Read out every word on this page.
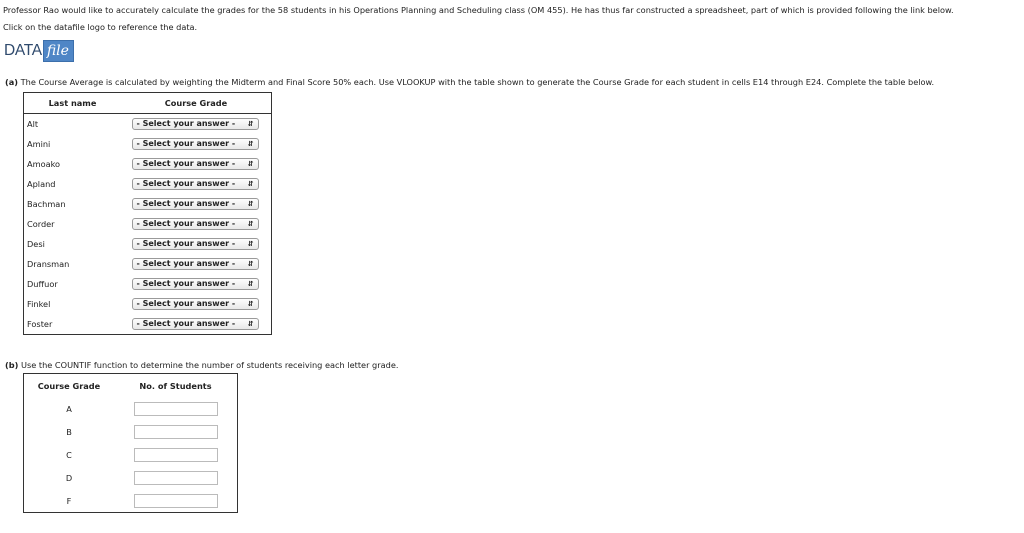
Professor Rao would like to accurately calculate the grades for the 58 students in his Operations Planning and Scheduling class (OM 455). He has thus far constructed a spreadsheet, part of which is provided following the link below.

Click on the datafile logo to reference the data.

DATA file
(a) The Course Average is calculated by weighting the Midterm and Final Score 50% each. Use VLOOKUP with the table shown to generate the Course Grade for each student in cells E14 through E24. Complete the table below.
Last name	Course Grade
Alt	- Select your answer - ⇵

Amini	- Select your answer - ⇵

Amoako	- Select your answer - ⇵

Apland	- Select your answer - ⇵

Bachman	- Select your answer - ⇵

Corder	- Select your answer - ⇵

Desi	- Select your answer - ⇵

Dransman	- Select your answer - ⇵

Duffuor	- Select your answer - ⇵

Finkel	- Select your answer - ⇵

Foster	- Select your answer - ⇵
(b) Use the COUNTIF function to determine the number of students receiving each letter grade.
Course Grade	No. of Students
A	
B	
C	
D	
F	
